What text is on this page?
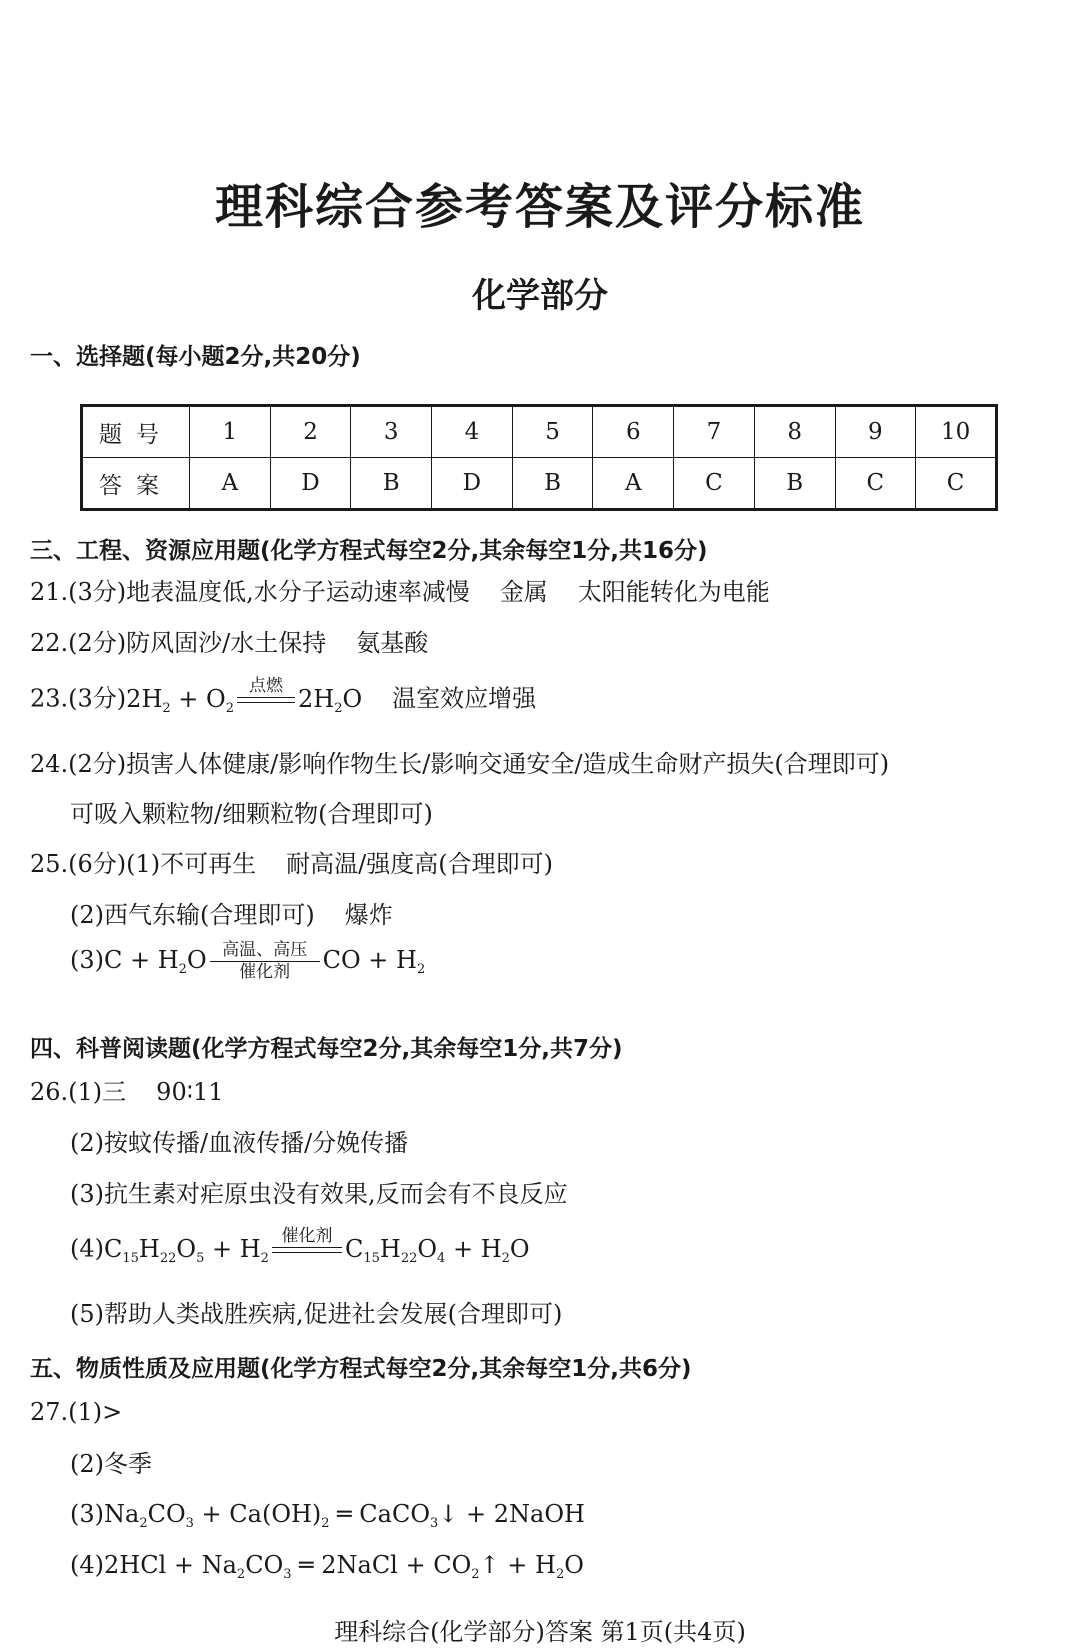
理科综合参考答案及评分标准
化学部分
一、选择题(每小题2分,共20分)
题号	1	2	3	4	5	6	7	8	9	10
答案	A	D	B	D	B	A	C	B	C	C
三、工程、资源应用题(化学方程式每空2分,其余每空1分,共16分)

21.(3分)地表温度低,水分子运动速率减慢 金属 太阳能转化为电能

22.(2分)防风固沙/水土保持 氨基酸

23.(3分)$2H_2 + O_2$
点燃 $2H_2O$ 温室效应增强

24.(2分)损害人体健康/影响作物生长/影响交通安全/造成生命财产损失(合理即可)

可吸入颗粒物/细颗粒物(合理即可)

25.(6分)(1)不可再生 耐高温/强度高(合理即可)

(2)西气东输(合理即可) 爆炸

$(3)C + H_2O$ 高温、高压
催化剂	CO + $H_2$

四、科普阅读题(化学方程式每空2分,其余每空1分,共7分)

26.(1)三 90∶11

(2)按蚊传播/血液传播/分娩传播

(3)抗生素对疟原虫没有效果,反而会有不良反应

$(4)C_{15}H_{22}O_5 + H_2$
催化剂 $C_{15}H_{22}O_4 + H_2O$

(5)帮助人类战胜疾病,促进社会发展(合理即可)

五、物质性质及应用题(化学方程式每空2分,其余每空1分,共6分)

27.(1)>

(2)冬季

$(3)Na_2CO_3 + Ca(OH)_2$ ═ CaCO$_3$↓ + 2NaOH

$(4)2HCl + Na_2CO_3$ ═ 2NaCl + $CO_2↑ + H_2O$

理科综合(化学部分)答案 第1页(共4页)
